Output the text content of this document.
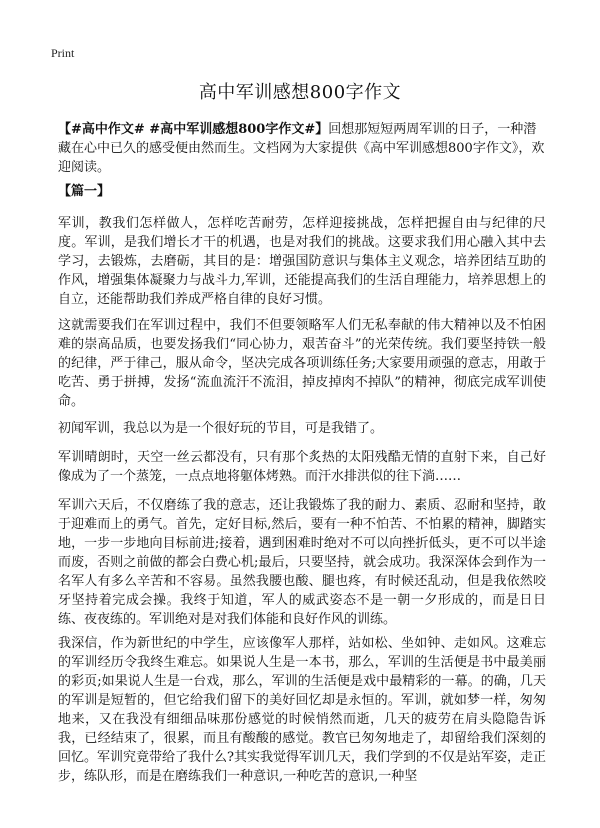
Print
高中军训感想800字作文

【#高中作文# #高中军训感想800字作文#】回想那短短两周军训的日子，一种潜藏在心中已久的感受便由然而生。文档网为大家提供《高中军训感想800字作文》，欢迎阅读。

【篇一】

军训，教我们怎样做人，怎样吃苦耐劳，怎样迎接挑战，怎样把握自由与纪律的尺度。军训，是我们增长才干的机遇，也是对我们的挑战。这要求我们用心融入其中去学习，去锻炼，去磨砺，其目的是：增强国防意识与集体主义观念，培养团结互助的作风，增强集体凝聚力与战斗力,军训，还能提高我们的生活自理能力，培养思想上的自立，还能帮助我们养成严格自律的良好习惯。

这就需要我们在军训过程中，我们不但要领略军人们无私奉献的伟大精神以及不怕困难的崇高品质，也要发扬我们“同心协力，艰苦奋斗”的光荣传统。我们要坚持铁一般的纪律，严于律己，服从命令，坚决完成各项训练任务;大家要用顽强的意志，用敢于吃苦、勇于拼搏，发扬“流血流汗不流泪，掉皮掉肉不掉队”的精神，彻底完成军训使命。

初闻军训，我总以为是一个很好玩的节目，可是我错了。

军训晴朗时，天空一丝云都没有，只有那个炙热的太阳残酷无情的直射下来，自己好像成为了一个蒸笼，一点点地将躯体烤熟。而汗水排洪似的往下淌……

军训六天后，不仅磨练了我的意志，还让我锻炼了我的耐力、素质、忍耐和坚持，敢于迎难而上的勇气。首先，定好目标,然后，要有一种不怕苦、不怕累的精神，脚踏实地，一步一步地向目标前进;接着，遇到困难时绝对不可以向挫折低头，更不可以半途而废，否则之前做的都会白费心机;最后，只要坚持，就会成功。我深深体会到作为一名军人有多么辛苦和不容易。虽然我腰也酸、腿也疼，有时候还乱动，但是我依然咬牙坚持着完成会操。我终于知道，军人的威武姿态不是一朝一夕形成的，而是日日练、夜夜练的。军训绝对是对我们体能和良好作风的训练。

我深信，作为新世纪的中学生，应该像军人那样，站如松、坐如钟、走如风。这难忘的军训经历令我终生难忘。如果说人生是一本书，那么，军训的生活便是书中最美丽的彩页;如果说人生是一台戏，那么，军训的生活便是戏中最精彩的一幕。的确，几天的军训是短暂的，但它给我们留下的美好回忆却是永恒的。军训，就如梦一样，匆匆地来，又在我没有细细品味那份感觉的时候悄然而逝，几天的疲劳在肩头隐隐告诉我，已经结束了，很累，而且有酸酸的感觉。教官已匆匆地走了，却留给我们深刻的回忆。军训究竟带给了我什么?其实我觉得军训几天，我们学到的不仅是站军姿，走正步，练队形，而是在磨练我们一种意识,一种吃苦的意识,一种坚
